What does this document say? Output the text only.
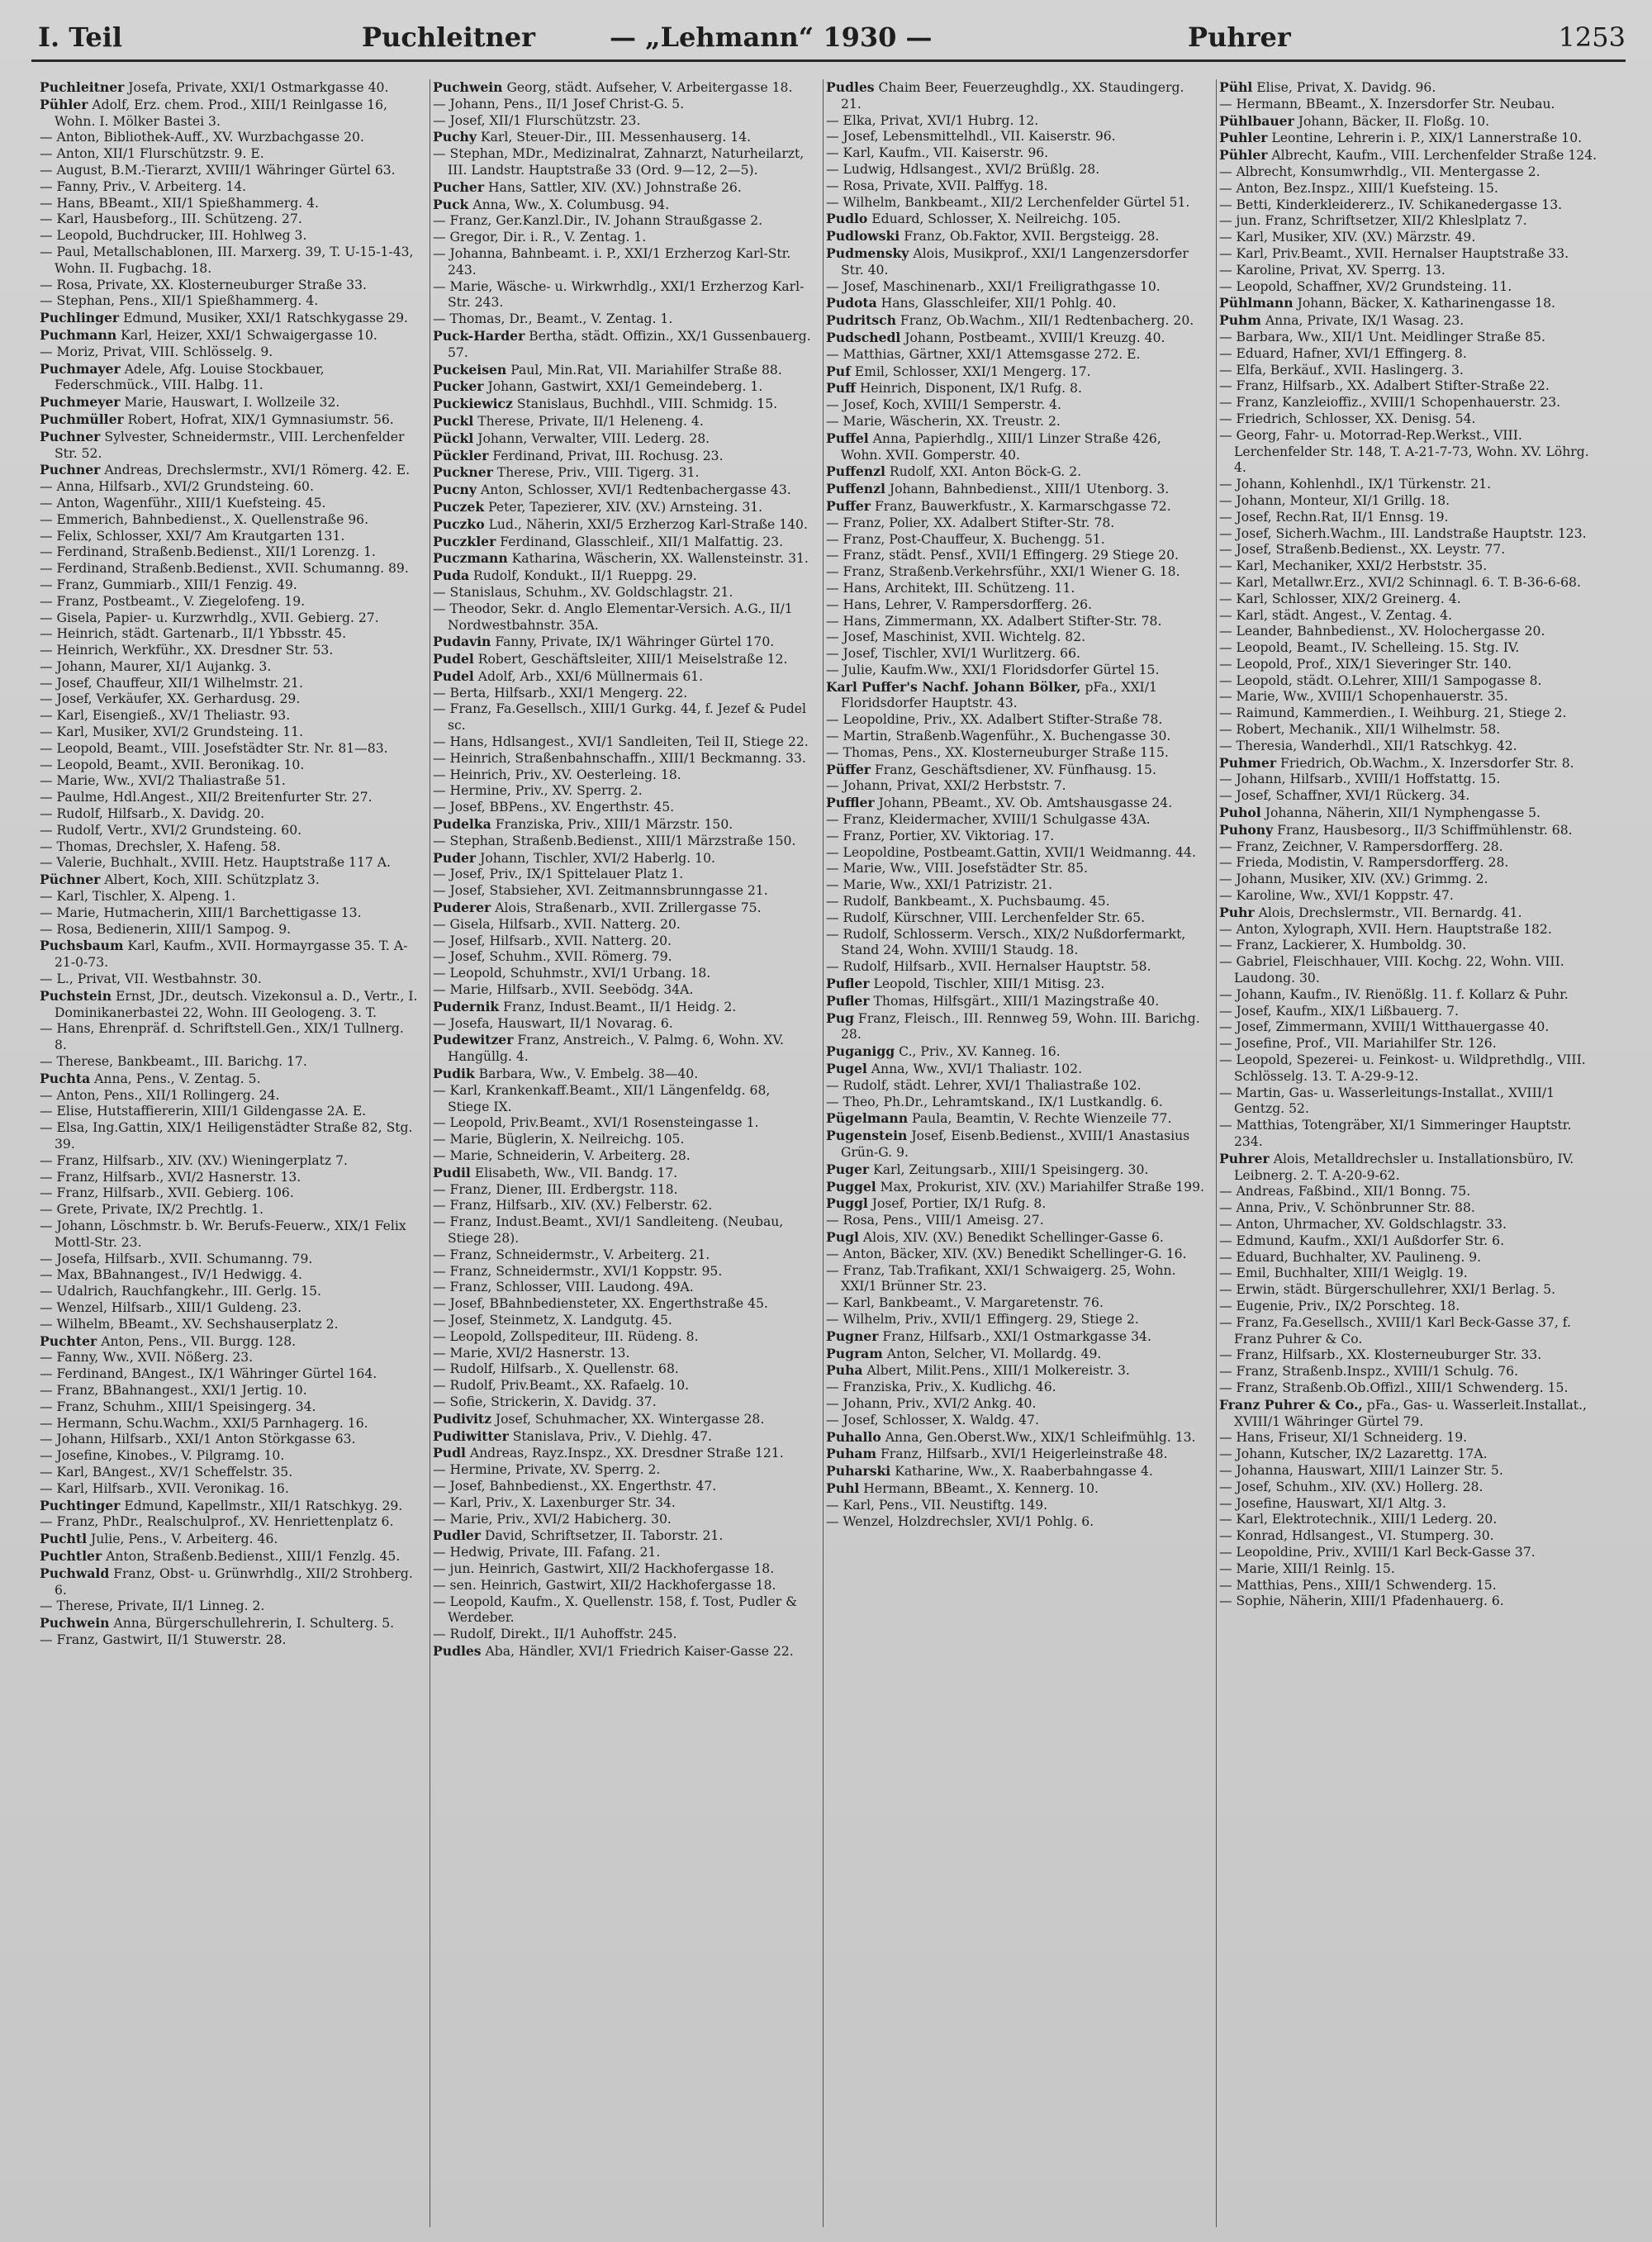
I. Teil	Puchleitner	— „Lehmann“ 1930 —	Puhrer	1253

Puchleitner Josefa, Private, XXI/1 Ostmarkgasse 40.

Pühler Adolf, Erz. chem. Prod., XIII/1 Reinlgasse 16, Wohn. I. Mölker Bastei 3.

— Anton, Bibliothek-Auff., XV. Wurzbachgasse 20.

— Anton, XII/1 Flurschützstr. 9. E.

— August, B.M.-Tierarzt, XVIII/1 Währinger Gürtel 63.

— Fanny, Priv., V. Arbeiterg. 14.

— Hans, BBeamt., XII/1 Spießhammerg. 4.

— Karl, Hausbeforg., III. Schützeng. 27.

— Leopold, Buchdrucker, III. Hohlweg 3.

— Paul, Metallschablonen, III. Marxerg. 39, T. U-15-1-43, Wohn. II. Fugbachg. 18.

— Rosa, Private, XX. Klosterneuburger Straße 33.

— Stephan, Pens., XII/1 Spießhammerg. 4.

Puchlinger Edmund, Musiker, XXI/1 Ratschkygasse 29.

Puchmann Karl, Heizer, XXI/1 Schwaigergasse 10.

— Moriz, Privat, VIII. Schlösselg. 9.

Puchmayer Adele, Afg. Louise Stockbauer, Federschmück., VIII. Halbg. 11.

Puchmeyer Marie, Hauswart, I. Wollzeile 32.

Puchmüller Robert, Hofrat, XIX/1 Gymnasiumstr. 56.

Puchner Sylvester, Schneidermstr., VIII. Lerchenfelder Str. 52.

Puchner Andreas, Drechslermstr., XVI/1 Römerg. 42. E.

— Anna, Hilfsarb., XVI/2 Grundsteing. 60.

— Anton, Wagenführ., XIII/1 Kuefsteing. 45.

— Emmerich, Bahnbedienst., X. Quellenstraße 96.

— Felix, Schlosser, XXI/7 Am Krautgarten 131.

— Ferdinand, Straßenb.Bedienst., XII/1 Lorenzg. 1.

— Ferdinand, Straßenb.Bedienst., XVII. Schumanng. 89.

— Franz, Gummiarb., XIII/1 Fenzig. 49.

— Franz, Postbeamt., V. Ziegelofeng. 19.

— Gisela, Papier- u. Kurzwrhdlg., XVII. Gebierg. 27.

— Heinrich, städt. Gartenarb., II/1 Ybbsstr. 45.

— Heinrich, Werkführ., XX. Dresdner Str. 53.

— Johann, Maurer, XI/1 Aujankg. 3.

— Josef, Chauffeur, XII/1 Wilhelmstr. 21.

— Josef, Verkäufer, XX. Gerhardusg. 29.

— Karl, Eisengieß., XV/1 Theliastr. 93.

— Karl, Musiker, XVI/2 Grundsteing. 11.

— Leopold, Beamt., VIII. Josefstädter Str. Nr. 81—83.

— Leopold, Beamt., XVII. Beronikag. 10.

— Marie, Ww., XVI/2 Thaliastraße 51.

— Paulme, Hdl.Angest., XII/2 Breitenfurter Str. 27.

— Rudolf, Hilfsarb., X. Davidg. 20.

— Rudolf, Vertr., XVI/2 Grundsteing. 60.

— Thomas, Drechsler, X. Hafeng. 58.

— Valerie, Buchhalt., XVIII. Hetz. Hauptstraße 117 A.

Püchner Albert, Koch, XIII. Schützplatz 3.

— Karl, Tischler, X. Alpeng. 1.

— Marie, Hutmacherin, XIII/1 Barchettigasse 13.

— Rosa, Bedienerin, XIII/1 Sampog. 9.

Puchsbaum Karl, Kaufm., XVII. Hormayrgasse 35. T. A-21-0-73.

— L., Privat, VII. Westbahnstr. 30.

Puchstein Ernst, JDr., deutsch. Vizekonsul a. D., Vertr., I. Dominikanerbastei 22, Wohn. III Geologeng. 3. T.

— Hans, Ehrenpräf. d. Schriftstell.Gen., XIX/1 Tullnerg. 8.

— Therese, Bankbeamt., III. Barichg. 17.

Puchta Anna, Pens., V. Zentag. 5.

— Anton, Pens., XII/1 Rollingerg. 24.

— Elise, Hutstaffiererin, XIII/1 Gildengasse 2A. E.

— Elsa, Ing.Gattin, XIX/1 Heiligenstädter Straße 82, Stg. 39.

— Franz, Hilfsarb., XIV. (XV.) Wieningerplatz 7.

— Franz, Hilfsarb., XVI/2 Hasnerstr. 13.

— Franz, Hilfsarb., XVII. Gebierg. 106.

— Grete, Private, IX/2 Prechtlg. 1.

— Johann, Löschmstr. b. Wr. Berufs-Feuerw., XIX/1 Felix Mottl-Str. 23.

— Josefa, Hilfsarb., XVII. Schumanng. 79.

— Max, BBahnangest., IV/1 Hedwigg. 4.

— Udalrich, Rauchfangkehr., III. Gerlg. 15.

— Wenzel, Hilfsarb., XIII/1 Guldeng. 23.

— Wilhelm, BBeamt., XV. Sechshauserplatz 2.

Puchter Anton, Pens., VII. Burgg. 128.

— Fanny, Ww., XVII. Nößerg. 23.

— Ferdinand, BAngest., IX/1 Währinger Gürtel 164.

— Franz, BBahnangest., XXI/1 Jertig. 10.

— Franz, Schuhm., XIII/1 Speisingerg. 34.

— Hermann, Schu.Wachm., XXI/5 Parnhagerg. 16.

— Johann, Hilfsarb., XXI/1 Anton Störkgasse 63.

— Josefine, Kinobes., V. Pilgramg. 10.

— Karl, BAngest., XV/1 Scheffelstr. 35.

— Karl, Hilfsarb., XVII. Veronikag. 16.

Puchtinger Edmund, Kapellmstr., XII/1 Ratschkyg. 29.

— Franz, PhDr., Realschulprof., XV. Henriettenplatz 6.

Puchtl Julie, Pens., V. Arbeiterg. 46.

Puchtler Anton, Straßenb.Bedienst., XIII/1 Fenzlg. 45.

Puchwald Franz, Obst- u. Grünwrhdlg., XII/2 Strohberg. 6.

— Therese, Private, II/1 Linneg. 2.

Puchwein Anna, Bürgerschullehrerin, I. Schulterg. 5.

— Franz, Gastwirt, II/1 Stuwerstr. 28.

Puchwein Georg, städt. Aufseher, V. Arbeitergasse 18.

— Johann, Pens., II/1 Josef Christ-G. 5.

— Josef, XII/1 Flurschützstr. 23.

Puchy Karl, Steuer-Dir., III. Messenhauserg. 14.

— Stephan, MDr., Medizinalrat, Zahnarzt, Naturheilarzt, III. Landstr. Hauptstraße 33 (Ord. 9—12, 2—5).

Pucher Hans, Sattler, XIV. (XV.) Johnstraße 26.

Puck Anna, Ww., X. Columbusg. 94.

— Franz, Ger.Kanzl.Dir., IV. Johann Straußgasse 2.

— Gregor, Dir. i. R., V. Zentag. 1.

— Johanna, Bahnbeamt. i. P., XXI/1 Erzherzog Karl-Str. 243.

— Marie, Wäsche- u. Wirkwrhdlg., XXI/1 Erzherzog Karl-Str. 243.

— Thomas, Dr., Beamt., V. Zentag. 1.

Puck-Harder Bertha, städt. Offizin., XX/1 Gussenbauerg. 57.

Puckeisen Paul, Min.Rat, VII. Mariahilfer Straße 88.

Pucker Johann, Gastwirt, XXI/1 Gemeindeberg. 1.

Puckiewicz Stanislaus, Buchhdl., VIII. Schmidg. 15.

Puckl Therese, Private, II/1 Heleneng. 4.

Pückl Johann, Verwalter, VIII. Lederg. 28.

Pückler Ferdinand, Privat, III. Rochusg. 23.

Puckner Therese, Priv., VIII. Tigerg. 31.

Pucny Anton, Schlosser, XVI/1 Redtenbachergasse 43.

Puczek Peter, Tapezierer, XIV. (XV.) Arnsteing. 31.

Puczko Lud., Näherin, XXI/5 Erzherzog Karl-Straße 140.

Puczkler Ferdinand, Glasschleif., XII/1 Malfattig. 23.

Puczmann Katharina, Wäscherin, XX. Wallensteinstr. 31.

Puda Rudolf, Kondukt., II/1 Rueppg. 29.

— Stanislaus, Schuhm., XV. Goldschlagstr. 21.

— Theodor, Sekr. d. Anglo Elementar-Versich. A.G., II/1 Nordwestbahnstr. 35A.

Pudavin Fanny, Private, IX/1 Währinger Gürtel 170.

Pudel Robert, Geschäftsleiter, XIII/1 Meiselstraße 12.

Pudel Adolf, Arb., XXI/6 Müllnermais 61.

— Berta, Hilfsarb., XXI/1 Mengerg. 22.

— Franz, Fa.Gesellsch., XIII/1 Gurkg. 44, f. Jezef & Pudel sc.

— Hans, Hdlsangest., XVI/1 Sandleiten, Teil II, Stiege 22.

— Heinrich, Straßenbahnschaffn., XIII/1 Beckmanng. 33.

— Heinrich, Priv., XV. Oesterleing. 18.

— Hermine, Priv., XV. Sperrg. 2.

— Josef, BBPens., XV. Engerthstr. 45.

Pudelka Franziska, Priv., XIII/1 Märzstr. 150.

— Stephan, Straßenb.Bedienst., XIII/1 Märzstraße 150.

Puder Johann, Tischler, XVI/2 Haberlg. 10.

— Josef, Priv., IX/1 Spittelauer Platz 1.

— Josef, Stabsieher, XVI. Zeitmannsbrunngasse 21.

Puderer Alois, Straßenarb., XVII. Zrillergasse 75.

— Gisela, Hilfsarb., XVII. Natterg. 20.

— Josef, Hilfsarb., XVII. Natterg. 20.

— Josef, Schuhm., XVII. Römerg. 79.

— Leopold, Schuhmstr., XVI/1 Urbang. 18.

— Marie, Hilfsarb., XVII. Seebödg. 34A.

Pudernik Franz, Indust.Beamt., II/1 Heidg. 2.

— Josefa, Hauswart, II/1 Novarag. 6.

Pudewitzer Franz, Anstreich., V. Palmg. 6, Wohn. XV. Hangüllg. 4.

Pudik Barbara, Ww., V. Embelg. 38—40.

— Karl, Krankenkaff.Beamt., XII/1 Längenfeldg. 68, Stiege IX.

— Leopold, Priv.Beamt., XVI/1 Rosensteingasse 1.

— Marie, Büglerin, X. Neilreichg. 105.

— Marie, Schneiderin, V. Arbeiterg. 28.

Pudil Elisabeth, Ww., VII. Bandg. 17.

— Franz, Diener, III. Erdbergstr. 118.

— Franz, Hilfsarb., XIV. (XV.) Felberstr. 62.

— Franz, Indust.Beamt., XVI/1 Sandleiteng. (Neubau, Stiege 28).

— Franz, Schneidermstr., V. Arbeiterg. 21.

— Franz, Schneidermstr., XVI/1 Koppstr. 95.

— Franz, Schlosser, VIII. Laudong. 49A.

— Josef, BBahnbediensteter, XX. Engerthstraße 45.

— Josef, Steinmetz, X. Landgutg. 45.

— Leopold, Zollspediteur, III. Rüdeng. 8.

— Marie, XVI/2 Hasnerstr. 13.

— Rudolf, Hilfsarb., X. Quellenstr. 68.

— Rudolf, Priv.Beamt., XX. Rafaelg. 10.

— Sofie, Strickerin, X. Davidg. 37.

Pudivitz Josef, Schuhmacher, XX. Wintergasse 28.

Pudiwitter Stanislava, Priv., V. Diehlg. 47.

Pudl Andreas, Rayz.Inspz., XX. Dresdner Straße 121.

— Hermine, Private, XV. Sperrg. 2.

— Josef, Bahnbedienst., XX. Engerthstr. 47.

— Karl, Priv., X. Laxenburger Str. 34.

— Marie, Priv., XVI/2 Habicherg. 30.

Pudler David, Schriftsetzer, II. Taborstr. 21.

— Hedwig, Private, III. Fafang. 21.

— jun. Heinrich, Gastwirt, XII/2 Hackhofergasse 18.

— sen. Heinrich, Gastwirt, XII/2 Hackhofergasse 18.

— Leopold, Kaufm., X. Quellenstr. 158, f. Tost, Pudler & Werdeber.

— Rudolf, Direkt., II/1 Auhoffstr. 245.

Pudles Aba, Händler, XVI/1 Friedrich Kaiser-Gasse 22.

Pudles Chaim Beer, Feuerzeughdlg., XX. Staudingerg. 21.

— Elka, Privat, XVI/1 Hubrg. 12.

— Josef, Lebensmittelhdl., VII. Kaiserstr. 96.

— Karl, Kaufm., VII. Kaiserstr. 96.

— Ludwig, Hdlsangest., XVI/2 Brüßlg. 28.

— Rosa, Private, XVII. Palffyg. 18.

— Wilhelm, Bankbeamt., XII/2 Lerchenfelder Gürtel 51.

Pudlo Eduard, Schlosser, X. Neilreichg. 105.

Pudlowski Franz, Ob.Faktor, XVII. Bergsteigg. 28.

Pudmensky Alois, Musikprof., XXI/1 Langenzersdorfer Str. 40.

— Josef, Maschinenarb., XXI/1 Freiligrathgasse 10.

Pudota Hans, Glasschleifer, XII/1 Pohlg. 40.

Pudritsch Franz, Ob.Wachm., XII/1 Redtenbacherg. 20.

Pudschedl Johann, Postbeamt., XVIII/1 Kreuzg. 40.

— Matthias, Gärtner, XXI/1 Attemsgasse 272. E.

Puf Emil, Schlosser, XXI/1 Mengerg. 17.

Puff Heinrich, Disponent, IX/1 Rufg. 8.

— Josef, Koch, XVIII/1 Semperstr. 4.

— Marie, Wäscherin, XX. Treustr. 2.

Puffel Anna, Papierhdlg., XIII/1 Linzer Straße 426, Wohn. XVII. Gomperstr. 40.

Puffenzl Rudolf, XXI. Anton Böck-G. 2.

Puffenzl Johann, Bahnbedienst., XIII/1 Utenborg. 3.

Puffer Franz, Bauwerkfustr., X. Karmarschgasse 72.

— Franz, Polier, XX. Adalbert Stifter-Str. 78.

— Franz, Post-Chauffeur, X. Buchengg. 51.

— Franz, städt. Pensf., XVII/1 Effingerg. 29 Stiege 20.

— Franz, Straßenb.Verkehrsführ., XXI/1 Wiener G. 18.

— Hans, Architekt, III. Schützeng. 11.

— Hans, Lehrer, V. Rampersdorfferg. 26.

— Hans, Zimmermann, XX. Adalbert Stifter-Str. 78.

— Josef, Maschinist, XVII. Wichtelg. 82.

— Josef, Tischler, XVI/1 Wurlitzerg. 66.

— Julie, Kaufm.Ww., XXI/1 Floridsdorfer Gürtel 15.

Karl Puffer's Nachf. Johann Bölker, pFa., XXI/1 Floridsdorfer Hauptstr. 43.

— Leopoldine, Priv., XX. Adalbert Stifter-Straße 78.

— Martin, Straßenb.Wagenführ., X. Buchengasse 30.

— Thomas, Pens., XX. Klosterneuburger Straße 115.

Püffer Franz, Geschäftsdiener, XV. Fünfhausg. 15.

— Johann, Privat, XXI/2 Herbststr. 7.

Puffler Johann, PBeamt., XV. Ob. Amtshausgasse 24.

— Franz, Kleidermacher, XVIII/1 Schulgasse 43A.

— Franz, Portier, XV. Viktoriag. 17.

— Leopoldine, Postbeamt.Gattin, XVII/1 Weidmanng. 44.

— Marie, Ww., VIII. Josefstädter Str. 85.

— Marie, Ww., XXI/1 Patrizistr. 21.

— Rudolf, Bankbeamt., X. Puchsbaumg. 45.

— Rudolf, Kürschner, VIII. Lerchenfelder Str. 65.

— Rudolf, Schlosserm. Versch., XIX/2 Nußdorfermarkt, Stand 24, Wohn. XVIII/1 Staudg. 18.

— Rudolf, Hilfsarb., XVII. Hernalser Hauptstr. 58.

Pufler Leopold, Tischler, XIII/1 Mitisg. 23.

Pufler Thomas, Hilfsgärt., XIII/1 Mazingstraße 40.

Pug Franz, Fleisch., III. Rennweg 59, Wohn. III. Barichg. 28.

Puganigg C., Priv., XV. Kanneg. 16.

Pugel Anna, Ww., XVI/1 Thaliastr. 102.

— Rudolf, städt. Lehrer, XVI/1 Thaliastraße 102.

— Theo, Ph.Dr., Lehramtskand., IX/1 Lustkandlg. 6.

Pügelmann Paula, Beamtin, V. Rechte Wienzeile 77.

Pugenstein Josef, Eisenb.Bedienst., XVIII/1 Anastasius Grün-G. 9.

Puger Karl, Zeitungsarb., XIII/1 Speisingerg. 30.

Puggel Max, Prokurist, XIV. (XV.) Mariahilfer Straße 199.

Puggl Josef, Portier, IX/1 Rufg. 8.

— Rosa, Pens., VIII/1 Ameisg. 27.

Pugl Alois, XIV. (XV.) Benedikt Schellinger-Gasse 6.

— Anton, Bäcker, XIV. (XV.) Benedikt Schellinger-G. 16.

— Franz, Tab.Trafikant, XXI/1 Schwaigerg. 25, Wohn. XXI/1 Brünner Str. 23.

— Karl, Bankbeamt., V. Margaretenstr. 76.

— Wilhelm, Priv., XVII/1 Effingerg. 29, Stiege 2.

Pugner Franz, Hilfsarb., XXI/1 Ostmarkgasse 34.

Pugram Anton, Selcher, VI. Mollardg. 49.

Puha Albert, Milit.Pens., XIII/1 Molkereistr. 3.

— Franziska, Priv., X. Kudlichg. 46.

— Johann, Priv., XVI/2 Ankg. 40.

— Josef, Schlosser, X. Waldg. 47.

Puhallo Anna, Gen.Oberst.Ww., XIX/1 Schleifmühlg. 13.

Puham Franz, Hilfsarb., XVI/1 Heigerleinstraße 48.

Puharski Katharine, Ww., X. Raaberbahngasse 4.

Puhl Hermann, BBeamt., X. Kennerg. 10.

— Karl, Pens., VII. Neustiftg. 149.

— Wenzel, Holzdrechsler, XVI/1 Pohlg. 6.

Pühl Elise, Privat, X. Davidg. 96.

— Hermann, BBeamt., X. Inzersdorfer Str. Neubau.

Pühlbauer Johann, Bäcker, II. Floßg. 10.

Puhler Leontine, Lehrerin i. P., XIX/1 Lannerstraße 10.

Pühler Albrecht, Kaufm., VIII. Lerchenfelder Straße 124.

— Albrecht, Konsumwrhdlg., VII. Mentergasse 2.

— Anton, Bez.Inspz., XIII/1 Kuefsteing. 15.

— Betti, Kinderkleidererz., IV. Schikanedergasse 13.

— jun. Franz, Schriftsetzer, XII/2 Khleslplatz 7.

— Karl, Musiker, XIV. (XV.) Märzstr. 49.

— Karl, Priv.Beamt., XVII. Hernalser Hauptstraße 33.

— Karoline, Privat, XV. Sperrg. 13.

— Leopold, Schaffner, XV/2 Grundsteing. 11.

Pühlmann Johann, Bäcker, X. Katharinengasse 18.

Puhm Anna, Private, IX/1 Wasag. 23.

— Barbara, Ww., XII/1 Unt. Meidlinger Straße 85.

— Eduard, Hafner, XVI/1 Effingerg. 8.

— Elfa, Berkäuf., XVII. Haslingerg. 3.

— Franz, Hilfsarb., XX. Adalbert Stifter-Straße 22.

— Franz, Kanzleioffiz., XVIII/1 Schopenhauerstr. 23.

— Friedrich, Schlosser, XX. Denisg. 54.

— Georg, Fahr- u. Motorrad-Rep.Werkst., VIII. Lerchenfelder Str. 148, T. A-21-7-73, Wohn. XV. Löhrg. 4.

— Johann, Kohlenhdl., IX/1 Türkenstr. 21.

— Johann, Monteur, XI/1 Grillg. 18.

— Josef, Rechn.Rat, II/1 Ennsg. 19.

— Josef, Sicherh.Wachm., III. Landstraße Hauptstr. 123.

— Josef, Straßenb.Bedienst., XX. Leystr. 77.

— Karl, Mechaniker, XXI/2 Herbststr. 35.

— Karl, Metallwr.Erz., XVI/2 Schinnagl. 6. T. B-36-6-68.

— Karl, Schlosser, XIX/2 Greinerg. 4.

— Karl, städt. Angest., V. Zentag. 4.

— Leander, Bahnbedienst., XV. Holochergasse 20.

— Leopold, Beamt., IV. Schelleing. 15. Stg. IV.

— Leopold, Prof., XIX/1 Sieveringer Str. 140.

— Leopold, städt. O.Lehrer, XIII/1 Sampogasse 8.

— Marie, Ww., XVIII/1 Schopenhauerstr. 35.

— Raimund, Kammerdien., I. Weihburg. 21, Stiege 2.

— Robert, Mechanik., XII/1 Wilhelmstr. 58.

— Theresia, Wanderhdl., XII/1 Ratschkyg. 42.

Puhmer Friedrich, Ob.Wachm., X. Inzersdorfer Str. 8.

— Johann, Hilfsarb., XVIII/1 Hoffstattg. 15.

— Josef, Schaffner, XVI/1 Rückerg. 34.

Puhol Johanna, Näherin, XII/1 Nymphengasse 5.

Puhony Franz, Hausbesorg., II/3 Schiffmühlenstr. 68.

— Franz, Zeichner, V. Rampersdorfferg. 28.

— Frieda, Modistin, V. Rampersdorfferg. 28.

— Johann, Musiker, XIV. (XV.) Grimmg. 2.

— Karoline, Ww., XVI/1 Koppstr. 47.

Puhr Alois, Drechslermstr., VII. Bernardg. 41.

— Anton, Xylograph, XVII. Hern. Hauptstraße 182.

— Franz, Lackierer, X. Humboldg. 30.

— Gabriel, Fleischhauer, VIII. Kochg. 22, Wohn. VIII. Laudong. 30.

— Johann, Kaufm., IV. Rienößlg. 11. f. Kollarz & Puhr.

— Josef, Kaufm., XIX/1 Lißbauerg. 7.

— Josef, Zimmermann, XVIII/1 Witthauergasse 40.

— Josefine, Prof., VII. Mariahilfer Str. 126.

— Leopold, Spezerei- u. Feinkost- u. Wildprethdlg., VIII. Schlösselg. 13. T. A-29-9-12.

— Martin, Gas- u. Wasserleitungs-Installat., XVIII/1 Gentzg. 52.

— Matthias, Totengräber, XI/1 Simmeringer Hauptstr. 234.

Puhrer Alois, Metalldrechsler u. Installationsbüro, IV. Leibnerg. 2. T. A-20-9-62.

— Andreas, Faßbind., XII/1 Bonng. 75.

— Anna, Priv., V. Schönbrunner Str. 88.

— Anton, Uhrmacher, XV. Goldschlagstr. 33.

— Edmund, Kaufm., XXI/1 Außdorfer Str. 6.

— Eduard, Buchhalter, XV. Paulineng. 9.

— Emil, Buchhalter, XIII/1 Weiglg. 19.

— Erwin, städt. Bürgerschullehrer, XXI/1 Berlag. 5.

— Eugenie, Priv., IX/2 Porschteg. 18.

— Franz, Fa.Gesellsch., XVIII/1 Karl Beck-Gasse 37, f. Franz Puhrer & Co.

— Franz, Hilfsarb., XX. Klosterneuburger Str. 33.

— Franz, Straßenb.Inspz., XVIII/1 Schulg. 76.

— Franz, Straßenb.Ob.Offizl., XIII/1 Schwenderg. 15.

Franz Puhrer & Co., pFa., Gas- u. Wasserleit.Installat., XVIII/1 Währinger Gürtel 79.

— Hans, Friseur, XI/1 Schneiderg. 19.

— Johann, Kutscher, IX/2 Lazarettg. 17A.

— Johanna, Hauswart, XIII/1 Lainzer Str. 5.

— Josef, Schuhm., XIV. (XV.) Hollerg. 28.

— Josefine, Hauswart, XI/1 Altg. 3.

— Karl, Elektrotechnik., XIII/1 Lederg. 20.

— Konrad, Hdlsangest., VI. Stumperg. 30.

— Leopoldine, Priv., XVIII/1 Karl Beck-Gasse 37.

— Marie, XIII/1 Reinlg. 15.

— Matthias, Pens., XIII/1 Schwenderg. 15.

— Sophie, Näherin, XIII/1 Pfadenhauerg. 6.
